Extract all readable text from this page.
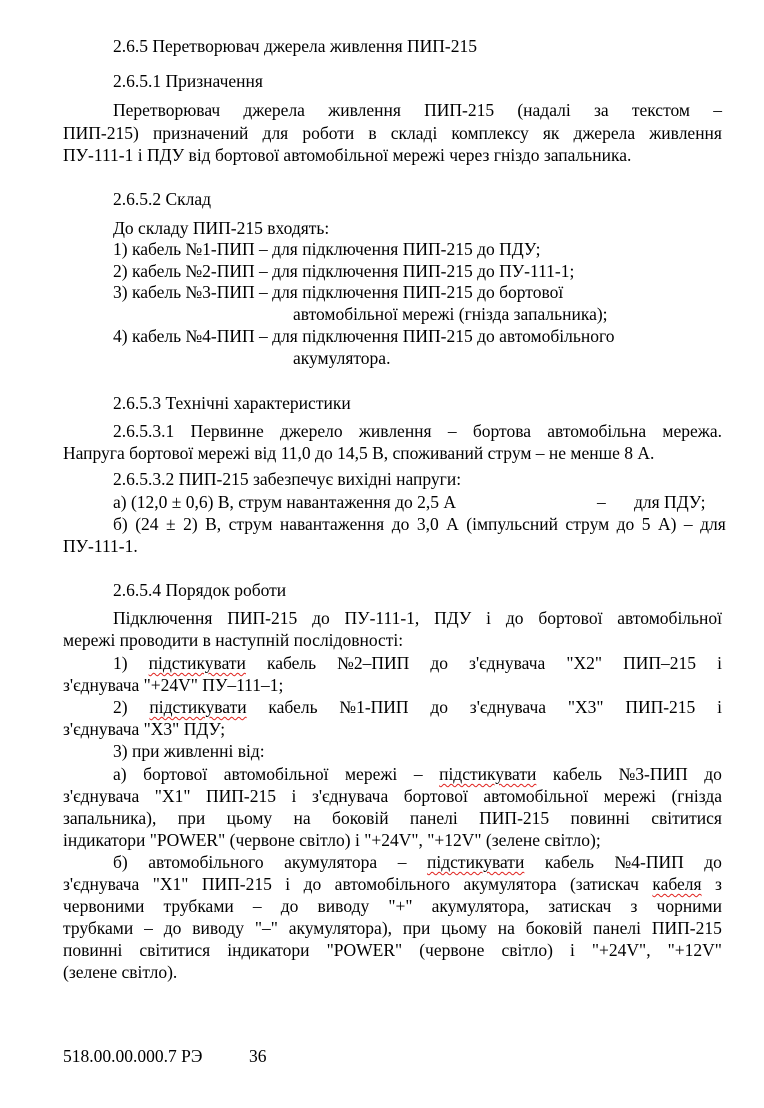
2.6.5 Перетворювач джерела живлення ПИП-215
2.6.5.1 Призначення
Перетворювач джерела живлення ПИП-215 (надалі за текстом –
ПИП-215) призначений для роботи в складі комплексу як джерела живлення
ПУ-111-1 і ПДУ від бортової автомобільної мережі через гніздо запальника.
2.6.5.2 Склад
До складу ПИП-215 входять:
1) кабель №1-ПИП – для підключення ПИП-215 до ПДУ;
2) кабель №2-ПИП – для підключення ПИП-215 до ПУ-111-1;
3) кабель №3-ПИП – для підключення ПИП-215 до бортової
автомобільної мережі (гнізда запальника);
4) кабель №4-ПИП – для підключення ПИП-215 до автомобільного
акумулятора.
2.6.5.3 Технічні характеристики
2.6.5.3.1 Первинне джерело живлення – бортова автомобільна мережа.
Напруга бортової мережі від 11,0 до 14,5 В, споживаний струм – не менше 8 А.
2.6.5.3.2 ПИП-215 забезпечує вихідні напруги:
а) (12,0 ± 0,6) В, струм навантаження до 2,5 А	– для ПДУ;
б) (24 ± 2) В, струм навантаження до 3,0 А (імпульсний струм до 5 А) – для
ПУ-111-1.
2.6.5.4 Порядок роботи
Підключення ПИП-215 до ПУ-111-1, ПДУ і до бортової автомобільної
мережі проводити в наступній послідовності:
1) підстикувати кабель №2–ПИП до з'єднувача "Х2" ПИП–215 і
з'єднувача "+24V" ПУ–111–1;
2) підстикувати кабель №1-ПИП до з'єднувача "Х3" ПИП-215 і
з'єднувача "Х3" ПДУ;
3) при живленні від:
а) бортової автомобільної мережі – підстикувати кабель №3-ПИП до
з'єднувача "Х1" ПИП-215 і з'єднувача бортової автомобільної мережі (гнізда
запальника), при цьому на боковій панелі ПИП-215 повинні світитися
індикатори "POWER" (червоне світло) і "+24V", "+12V" (зелене світло);
б) автомобільного акумулятора – підстикувати кабель №4-ПИП до
з'єднувача "Х1" ПИП-215 і до автомобільного акумулятора (затискач кабеля з
червоними трубками – до виводу "+" акумулятора, затискач з чорними
трубками – до виводу "–" акумулятора), при цьому на боковій панелі ПИП-215
повинні світитися індикатори "POWER" (червоне світло) і "+24V", "+12V"
(зелене світло).
518.00.00.000.7 РЭ	36
